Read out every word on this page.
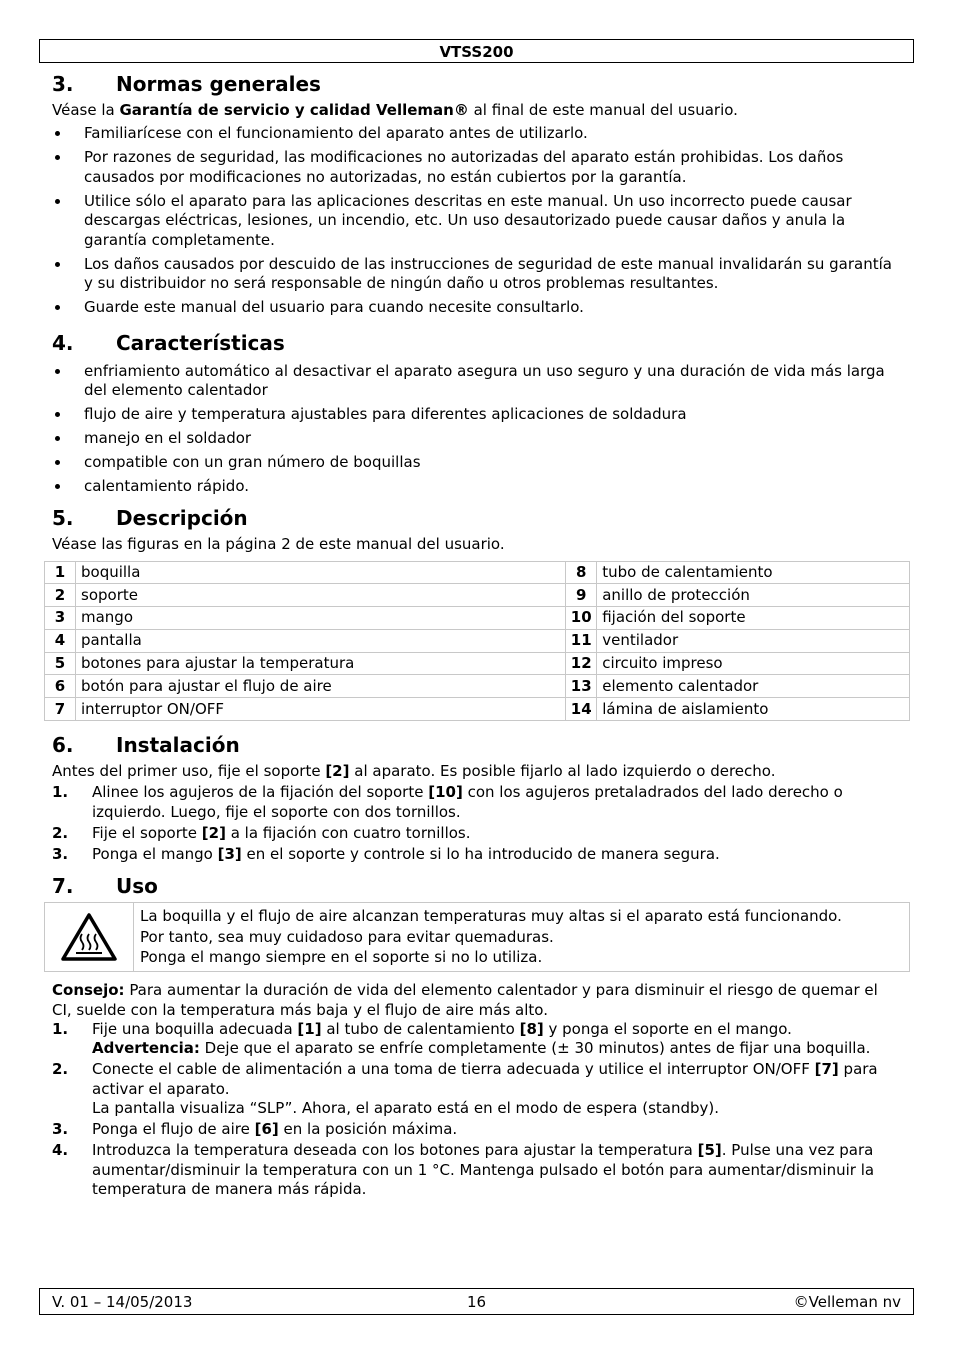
VTSS200
3.	Normas generales

Véase la Garantía de servicio y calidad Velleman® al final de este manual del usuario.

Familiarícese con el funcionamiento del aparato antes de utilizarlo.
Por razones de seguridad, las modificaciones no autorizadas del aparato están prohibidas. Los daños causados por modificaciones no autorizadas, no están cubiertos por la garantía.
Utilice sólo el aparato para las aplicaciones descritas en este manual. Un uso incorrecto puede causar descargas eléctricas, lesiones, un incendio, etc. Un uso desautorizado puede causar daños y anula la garantía completamente.
Los daños causados por descuido de las instrucciones de seguridad de este manual invalidarán su garantía y su distribuidor no será responsable de ningún daño u otros problemas resultantes.
Guarde este manual del usuario para cuando necesite consultarlo.
4.	Características
enfriamiento automático al desactivar el aparato asegura un uso seguro y una duración de vida más larga del elemento calentador
flujo de aire y temperatura ajustables para diferentes aplicaciones de soldadura
manejo en el soldador
compatible con un gran número de boquillas
calentamiento rápido.
5.	Descripción

Véase las figuras en la página 2 de este manual del usuario.

1	boquilla	8	tubo de calentamiento
2	soporte	9	anillo de protección
3	mango	10	fijación del soporte
4	pantalla	11	ventilador
5	botones para ajustar la temperatura	12	circuito impreso
6	botón para ajustar el flujo de aire	13	elemento calentador
7	interruptor ON/OFF	14	lámina de aislamiento
6.	Instalación

Antes del primer uso, fije el soporte [2] al aparato. Es posible fijarlo al lado izquierdo o derecho.

1. Alinee los agujeros de la fijación del soporte [10] con los agujeros pretaladrados del lado derecho o izquierdo. Luego, fije el soporte con dos tornillos.
2. Fije el soporte [2] a la fijación con cuatro tornillos.
3. Ponga el mango [3] en el soporte y controle si lo ha introducido de manera segura.
7.	Uso
La boquilla y el flujo de aire alcanzan temperaturas muy altas si el aparato está funcionando.
Por tanto, sea muy cuidadoso para evitar quemaduras.
Ponga el mango siempre en el soporte si no lo utiliza.

Consejo: Para aumentar la duración de vida del elemento calentador y para disminuir el riesgo de quemar el CI, suelde con la temperatura más baja y el flujo de aire más alto.

1. Fije una boquilla adecuada [1] al tubo de calentamiento [8] y ponga el soporte en el mango.
Advertencia: Deje que el aparato se enfríe completamente (± 30 minutos) antes de fijar una boquilla.
2. Conecte el cable de alimentación a una toma de tierra adecuada y utilice el interruptor ON/OFF [7] para activar el aparato.
La pantalla visualiza “SLP”. Ahora, el aparato está en el modo de espera (standby).
3. Ponga el flujo de aire [6] en la posición máxima.
4. Introduzca la temperatura deseada con los botones para ajustar la temperatura [5]. Pulse una vez para aumentar/disminuir la temperatura con un 1 °C. Mantenga pulsado el botón para aumentar/disminuir la temperatura de manera más rápida.
V. 01 – 14/05/2013	16	©Velleman nv
